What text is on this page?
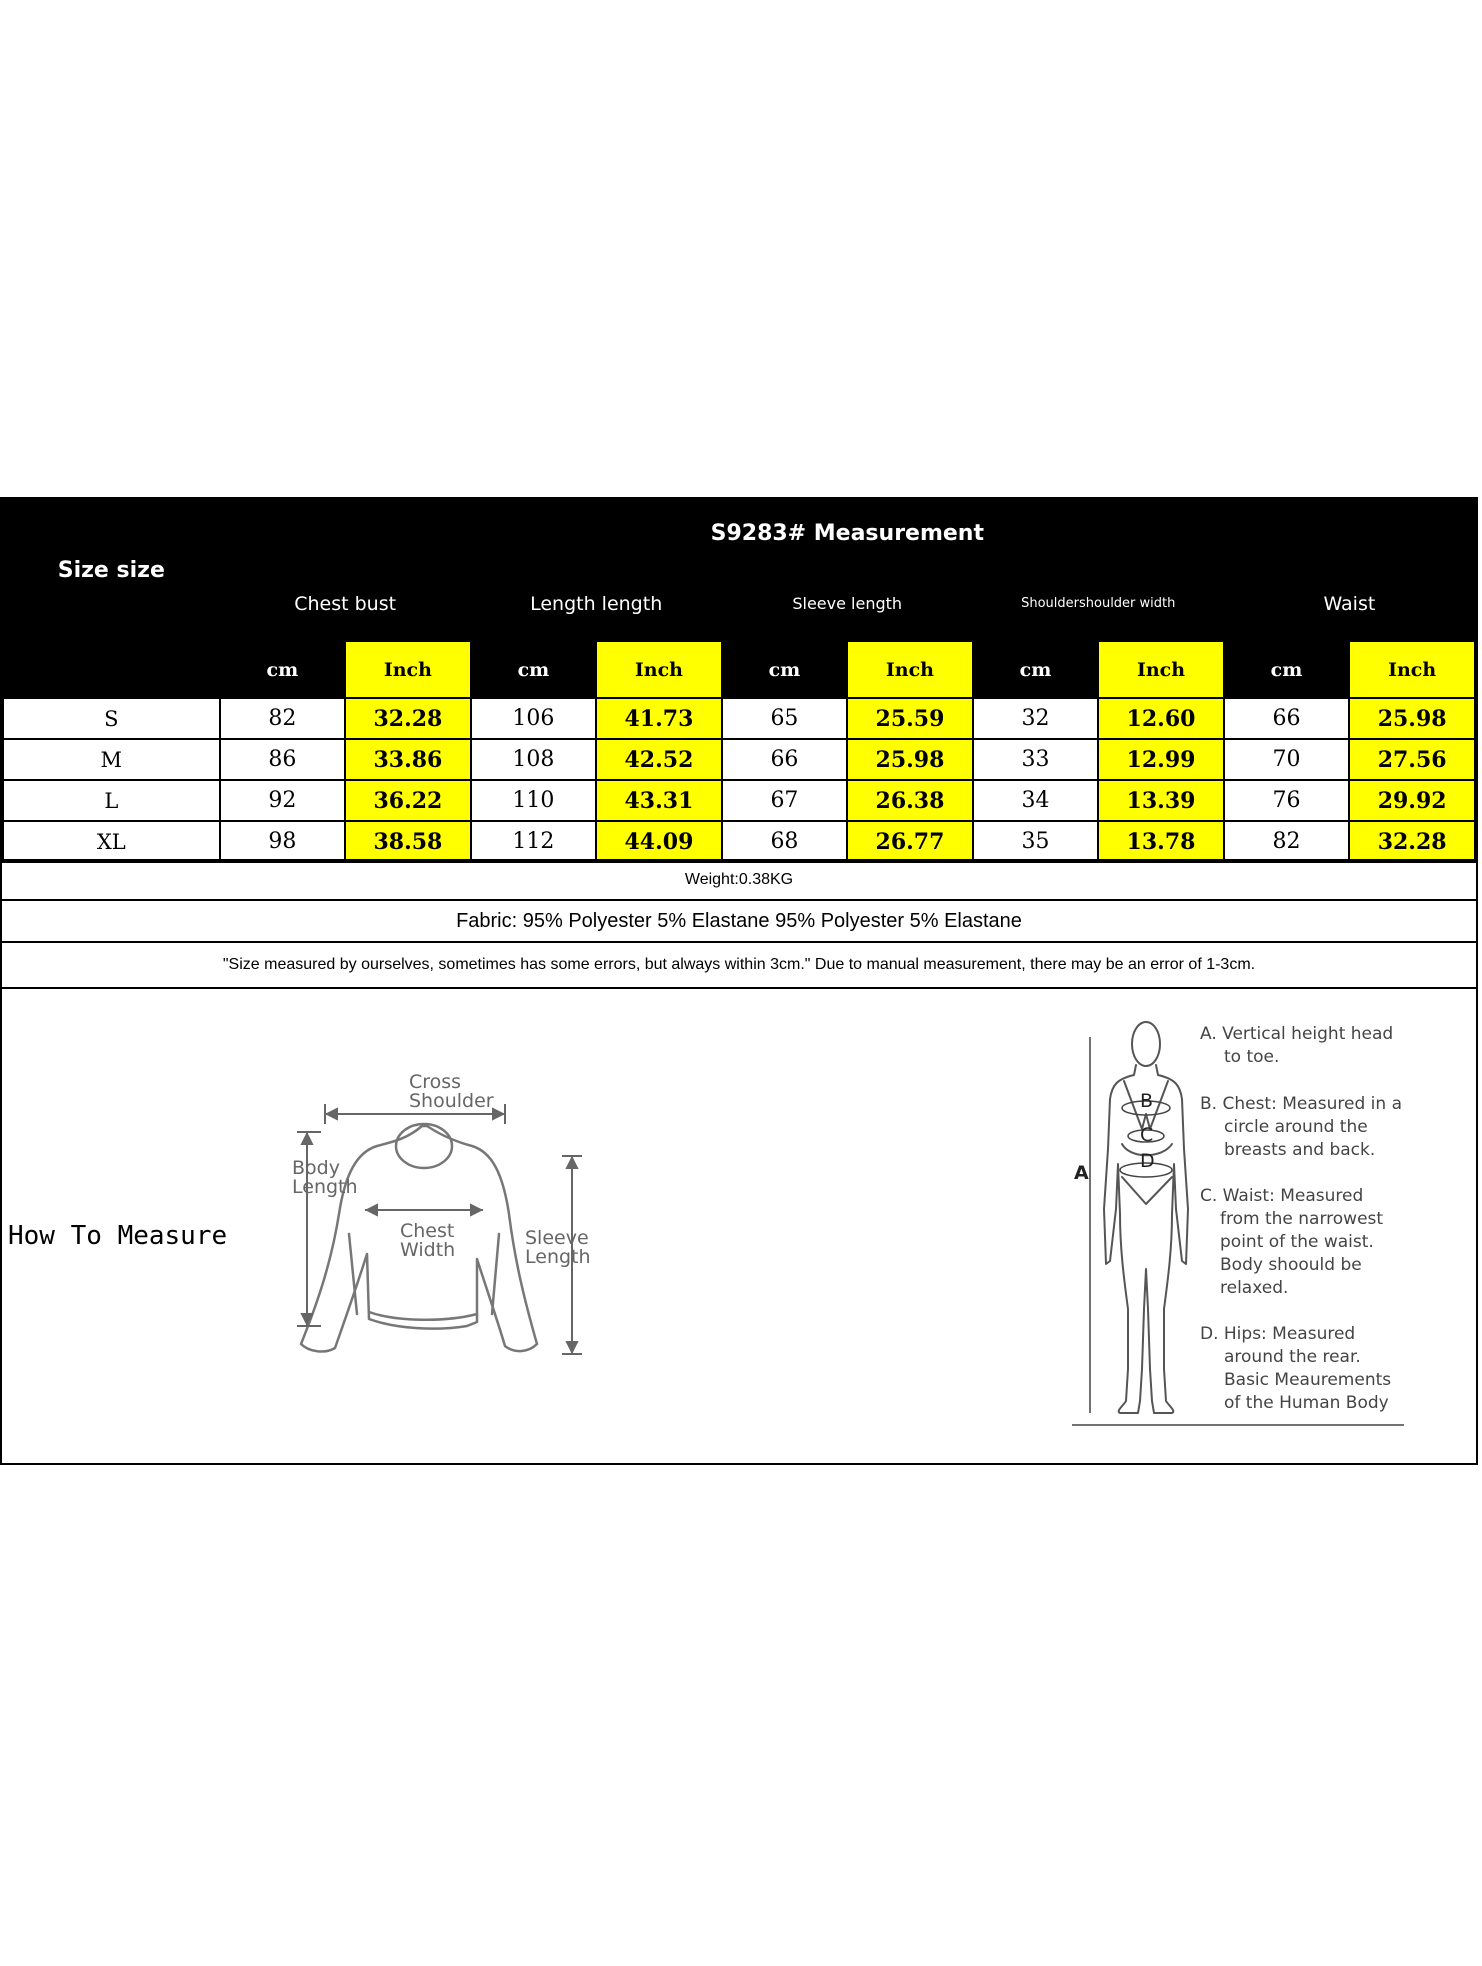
Size size	S9283# Measurement									
	Chest bust		Length length		Sleeve length		Shouldershoulder width		Waist	
	cm	Inch	cm	Inch	cm	Inch	cm	Inch	cm	Inch
S	82	32.28	106	41.73	65	25.59	32	12.60	66	25.98
M	86	33.86	108	42.52	66	25.98	33	12.99	70	27.56
L	92	36.22	110	43.31	67	26.38	34	13.39	76	29.92
XL	98	38.58	112	44.09	68	26.77	35	13.78	82	32.28
Weight:0.38KG
Fabric: 95% Polyester 5% Elastane 95% Polyester 5% Elastane
"Size measured by ourselves, sometimes has some errors, but always within 3cm." Due to manual measurement, there may be an error of 1-3cm.
How To Measure
Cross
Shoulder
Body
Length
Chest
Width
Sleeve
Length
A
B
C
D
A. Vertical height head
to toe.
B. Chest: Measured in a
circle around the
breasts and back.
C. Waist: Measured
from the narrowest
point of the waist.
Body shoould be
relaxed.
D. Hips: Measured
around the rear.
Basic Meaurements
of the Human Body
